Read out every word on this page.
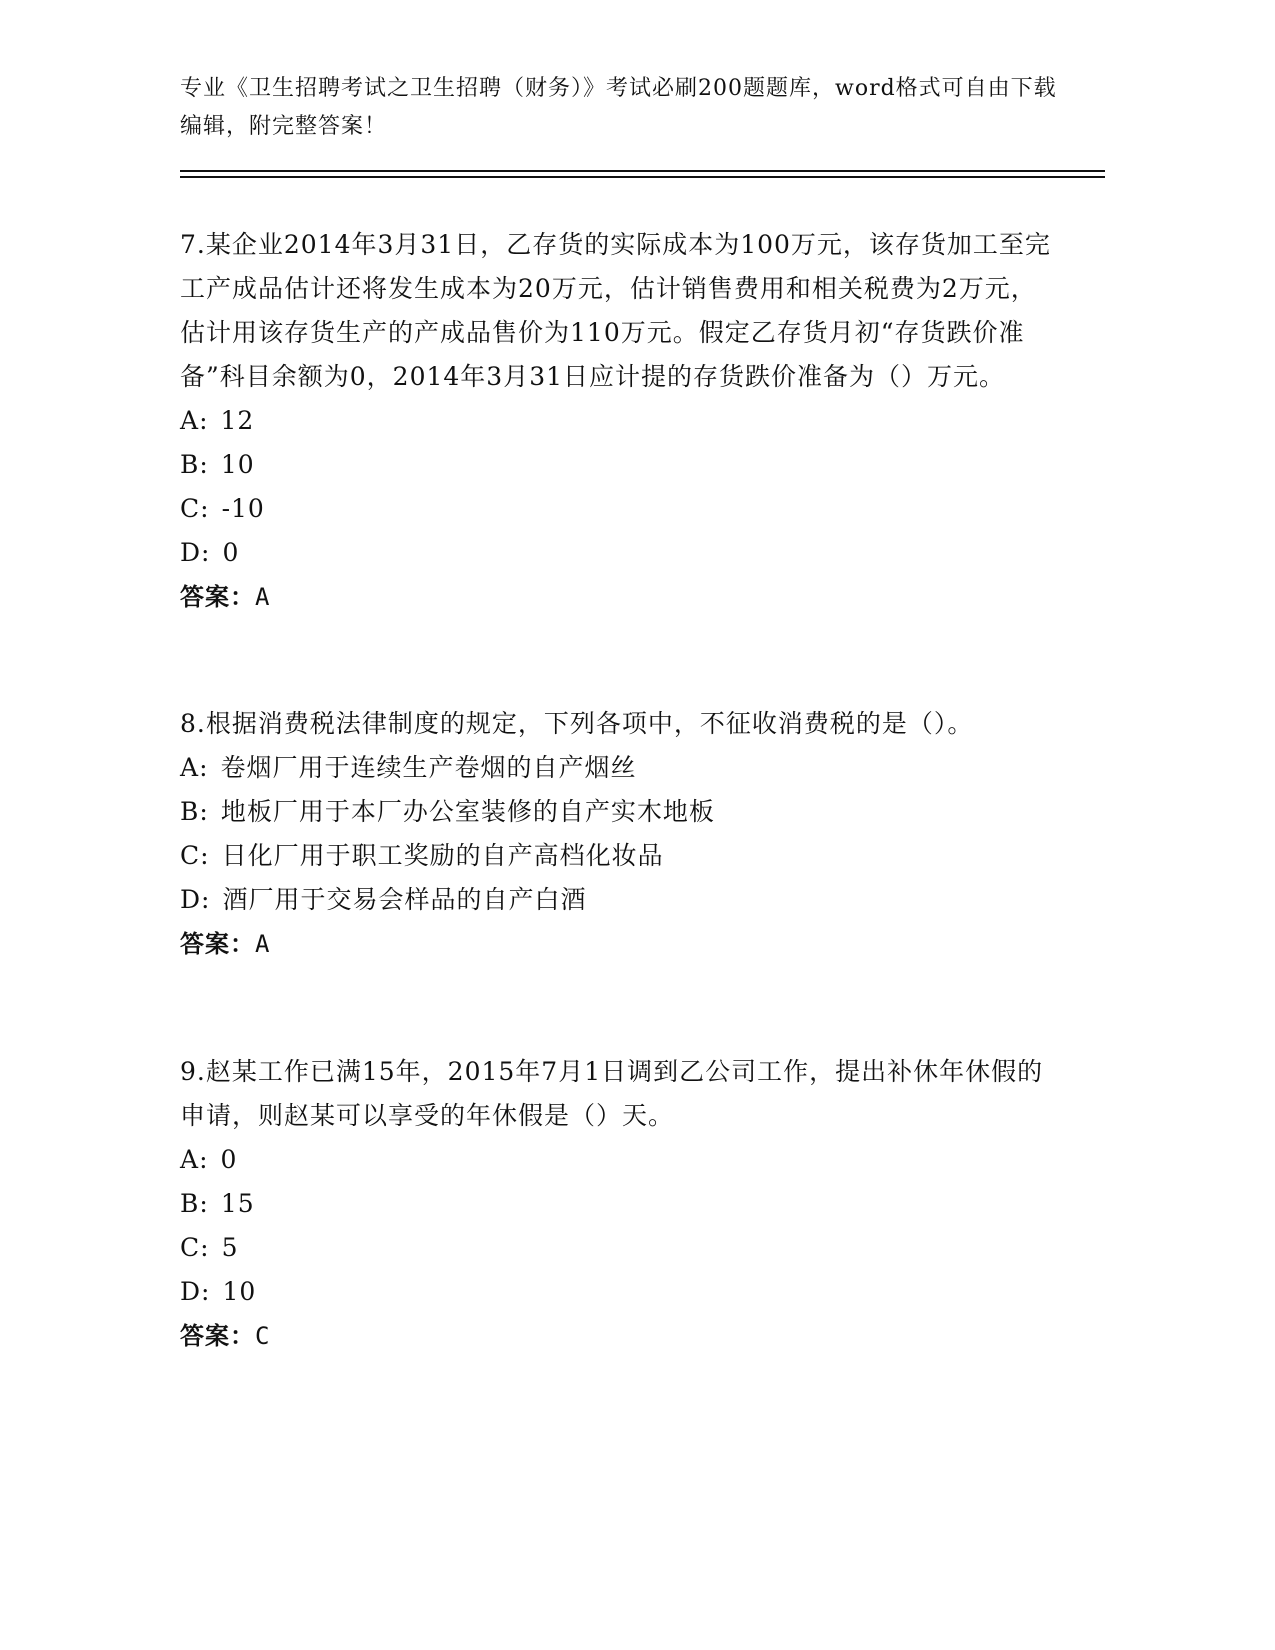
专业《卫生招聘考试之卫生招聘（财务）》考试必刷200题题库，word格式可自由下载编辑，附完整答案！

7.某企业2014年3月31日，乙存货的实际成本为100万元，该存货加工至完工产成品估计还将发生成本为20万元，估计销售费用和相关税费为2万元，估计用该存货生产的产成品售价为110万元。假定乙存货月初“存货跌价准备”科目余额为0，2014年3月31日应计提的存货跌价准备为（）万元。

A: 12

B: 10

C: -10

D: 0

答案：A

8.根据消费税法律制度的规定，下列各项中，不征收消费税的是（）。

A: 卷烟厂用于连续生产卷烟的自产烟丝

B: 地板厂用于本厂办公室装修的自产实木地板

C: 日化厂用于职工奖励的自产高档化妆品

D: 酒厂用于交易会样品的自产白酒

答案：A

9.赵某工作已满15年，2015年7月1日调到乙公司工作，提出补休年休假的申请，则赵某可以享受的年休假是（）天。

A: 0

B: 15

C: 5

D: 10

答案：C
